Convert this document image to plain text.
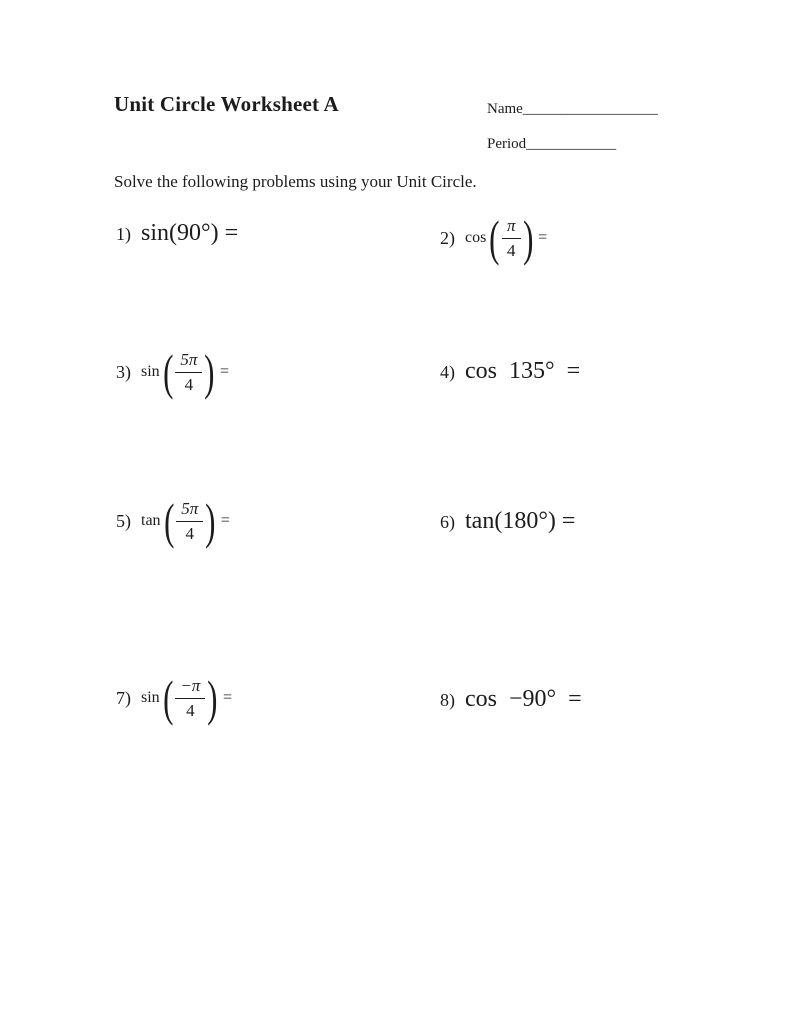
Unit Circle Worksheet A	Name__________________
Period____________
Solve the following problems using your Unit Circle.
1) sin(90°) =	2) cos ( $\frac{\pi}{4}$ ) =
3) sin ( $\frac{5\pi}{4}$ ) =	4) cos  135°  =
5) tan ( $\frac{5\pi}{4}$ ) =	6) tan(180°) =
7) sin ( $\frac{-\pi}{4}$ ) =	8) cos  −90°  =
